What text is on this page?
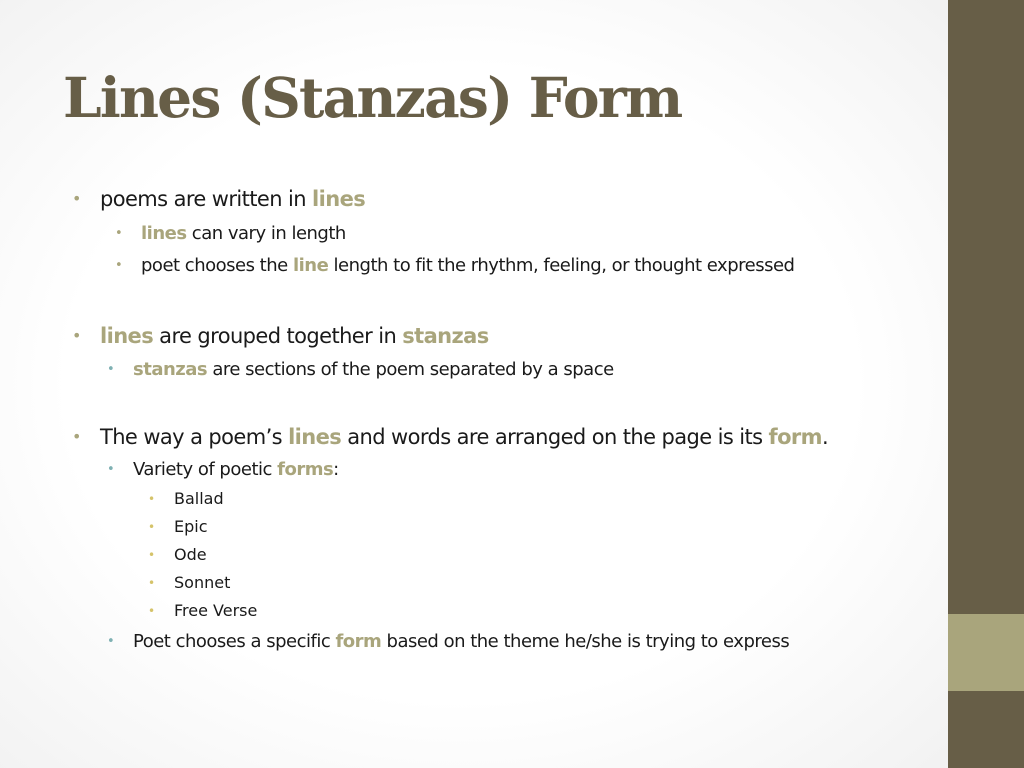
Lines (Stanzas) Form
• poems are written in lines
• lines can vary in length
• poet chooses the line length to fit the rhythm, feeling, or thought expressed
• lines are grouped together in stanzas
• stanzas are sections of the poem separated by a space
• The way a poem’s lines and words are arranged on the page is its form.
• Variety of poetic forms:
• Ballad
• Epic
• Ode
• Sonnet
• Free Verse
• Poet chooses a specific form based on the theme he/she is trying to express
